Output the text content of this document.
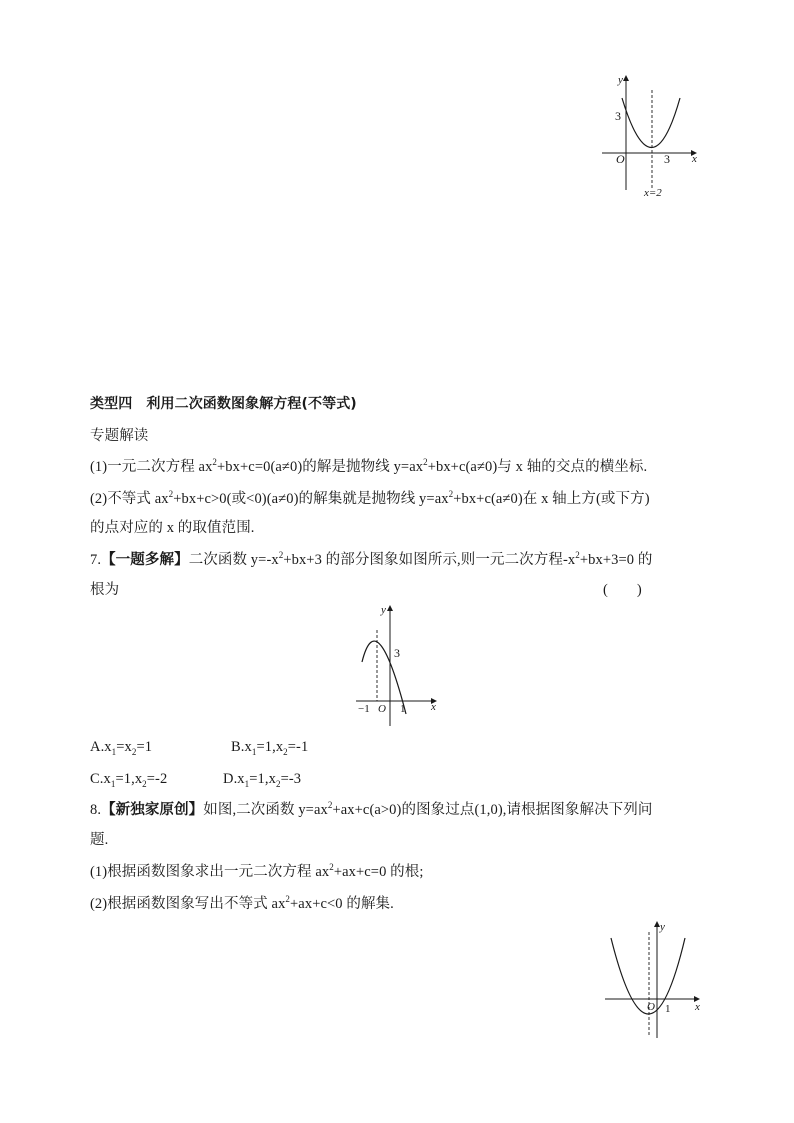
y
x
O
3
3
x=2
类型四　利用二次函数图象解方程(不等式)
专题解读
(1)一元二次方程 $ax^2+bx+c=0(a\ne 0)$的解是抛物线 $y=ax^2+bx+c(a\ne 0)$与 x 轴的交点的横坐标.
(2)不等式 $ax^2+bx+c>0$(或<0)(a≠0)的解集就是抛物线 $y=ax^2+bx+c(a\ne 0)$在 x 轴上方(或下方)
的点对应的 x 的取值范围.
7.【一题多解】二次函数 $y=-x^2+bx+3$ 的部分图象如图所示,则一元二次方程$-x^2+bx+3=0$ 的
根为	(　　)
y
x
O
3
−1	1
$A.x_1=x_2=1$	$B.x_1=1,x_2=-1$
$C.x_1=1,x_2=-2$	$D.x_1=1,x_2=-3$
8.【新独家原创】如图,二次函数 $y=ax^2+ax+c(a>0)$的图象过点(1,0),请根据图象解决下列问
题.
(1)根据函数图象求出一元二次方程 $ax^2+ax+c=0$ 的根;
(2)根据函数图象写出不等式 $ax^2+ax+c<0$ 的解集.
y
x
O 1
